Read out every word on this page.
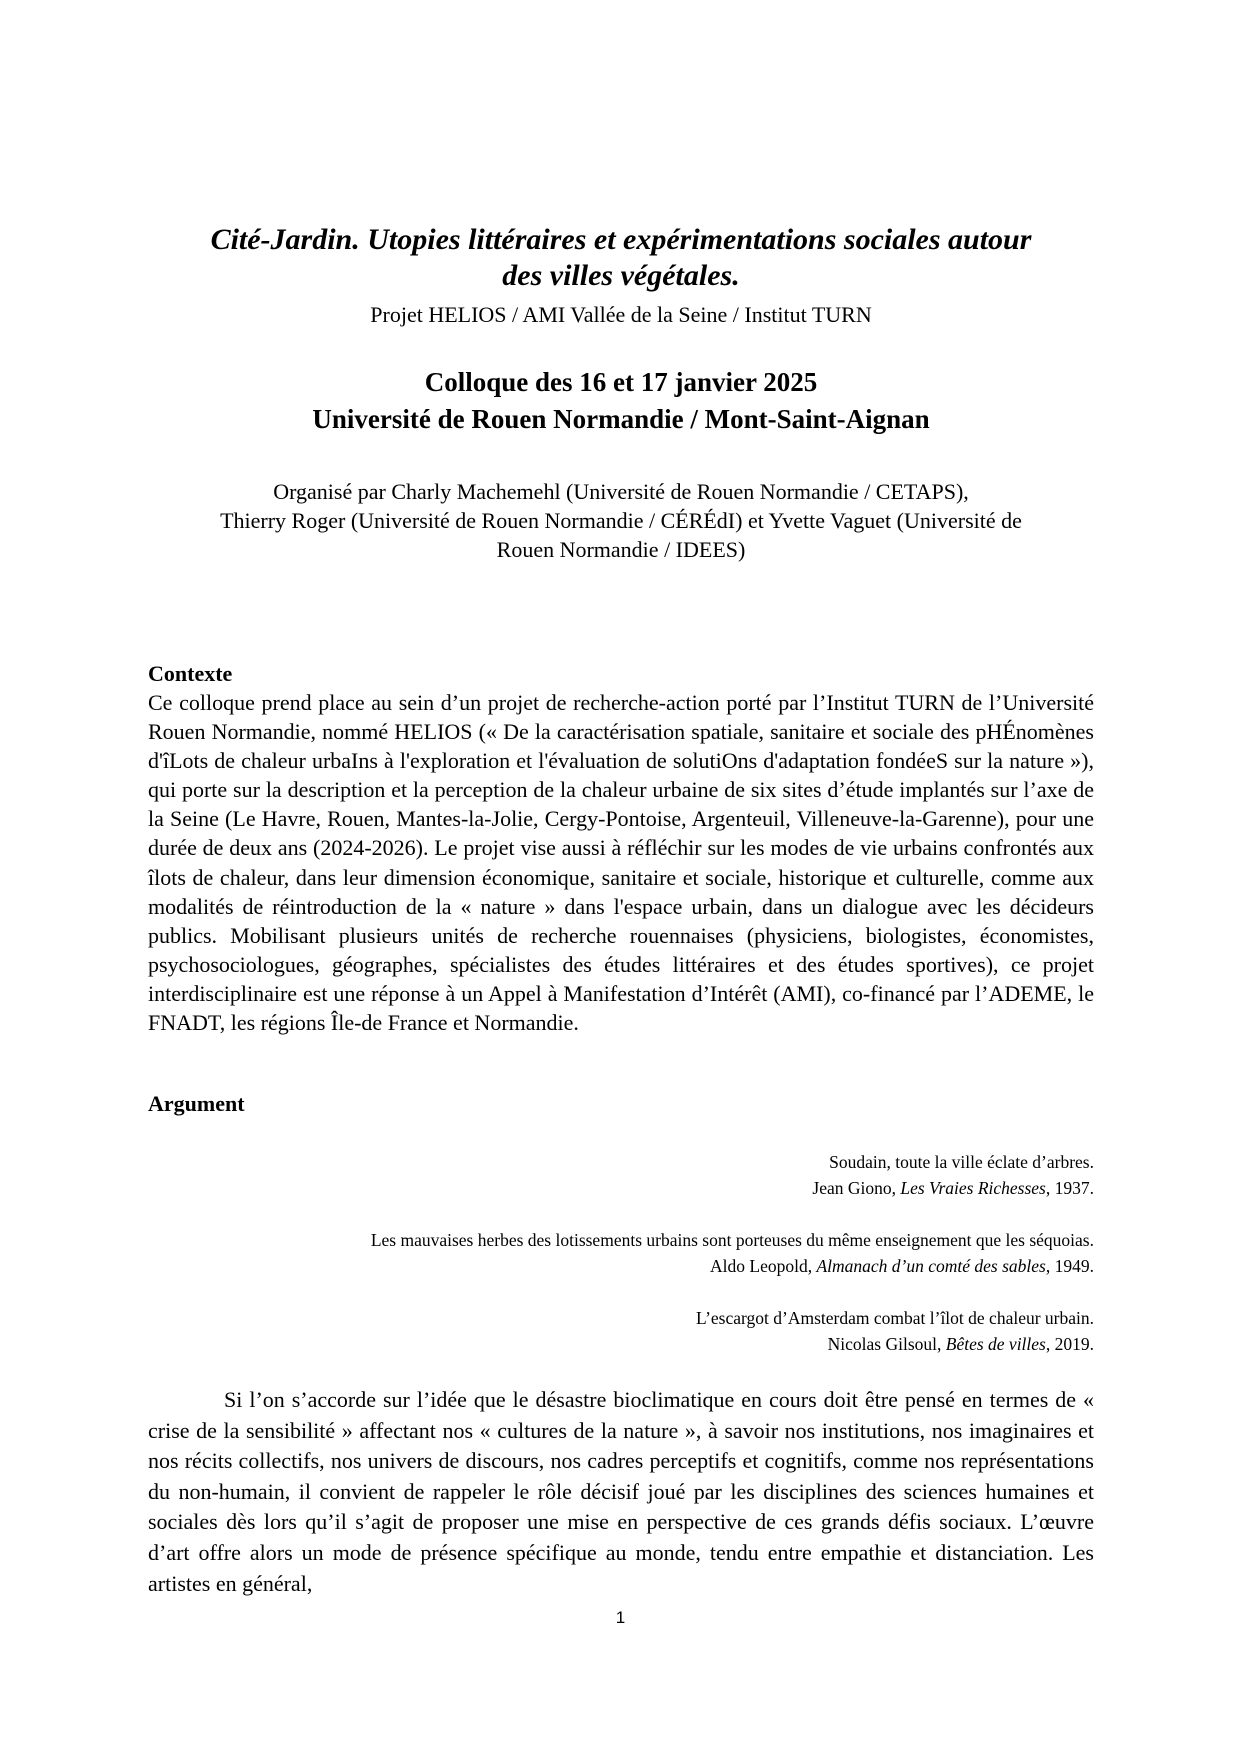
Cité-Jardin. Utopies littéraires et expérimentations sociales autour
des villes végétales.
Projet HELIOS / AMI Vallée de la Seine / Institut TURN
Colloque des 16 et 17 janvier 2025
Université de Rouen Normandie / Mont-Saint-Aignan
Organisé par Charly Machemehl (Université de Rouen Normandie / CETAPS),
Thierry Roger (Université de Rouen Normandie / CÉRÉdI) et Yvette Vaguet (Université de
Rouen Normandie / IDEES)
Contexte

Ce colloque prend place au sein d’un projet de recherche-action porté par l’Institut TURN de l’Université Rouen Normandie, nommé HELIOS (« De la caractérisation spatiale, sanitaire et sociale des pHÉnomènes d'îLots de chaleur urbaIns à l'exploration et l'évaluation de solutiOns d'adaptation fondéeS sur la nature »), qui porte sur la description et la perception de la chaleur urbaine de six sites d’étude implantés sur l’axe de la Seine (Le Havre, Rouen, Mantes-la-Jolie, Cergy-Pontoise, Argenteuil, Villeneuve-la-Garenne), pour une durée de deux ans (2024-2026). Le projet vise aussi à réfléchir sur les modes de vie urbains confrontés aux îlots de chaleur, dans leur dimension économique, sanitaire et sociale, historique et culturelle, comme aux modalités de réintroduction de la « nature » dans l'espace urbain, dans un dialogue avec les décideurs publics. Mobilisant plusieurs unités de recherche rouennaises (physiciens, biologistes, économistes, psychosociologues, géographes, spécialistes des études littéraires et des études sportives), ce projet interdisciplinaire est une réponse à un Appel à Manifestation d’Intérêt (AMI), co-financé par l’ADEME, le FNADT, les régions Île-de France et Normandie.

Argument

Soudain, toute la ville éclate d’arbres.

Jean Giono, Les Vraies Richesses, 1937.

Les mauvaises herbes des lotissements urbains sont porteuses du même enseignement que les séquoias.

Aldo Leopold, Almanach d’un comté des sables, 1949.

L’escargot d’Amsterdam combat l’îlot de chaleur urbain.

Nicolas Gilsoul, Bêtes de villes, 2019.

Si l’on s’accorde sur l’idée que le désastre bioclimatique en cours doit être pensé en termes de « crise de la sensibilité » affectant nos « cultures de la nature », à savoir nos institutions, nos imaginaires et nos récits collectifs, nos univers de discours, nos cadres perceptifs et cognitifs, comme nos représentations du non-humain, il convient de rappeler le rôle décisif joué par les disciplines des sciences humaines et sociales dès lors qu’il s’agit de proposer une mise en perspective de ces grands défis sociaux. L’œuvre d’art offre alors un mode de présence spécifique au monde, tendu entre empathie et distanciation. Les artistes en général,

1
